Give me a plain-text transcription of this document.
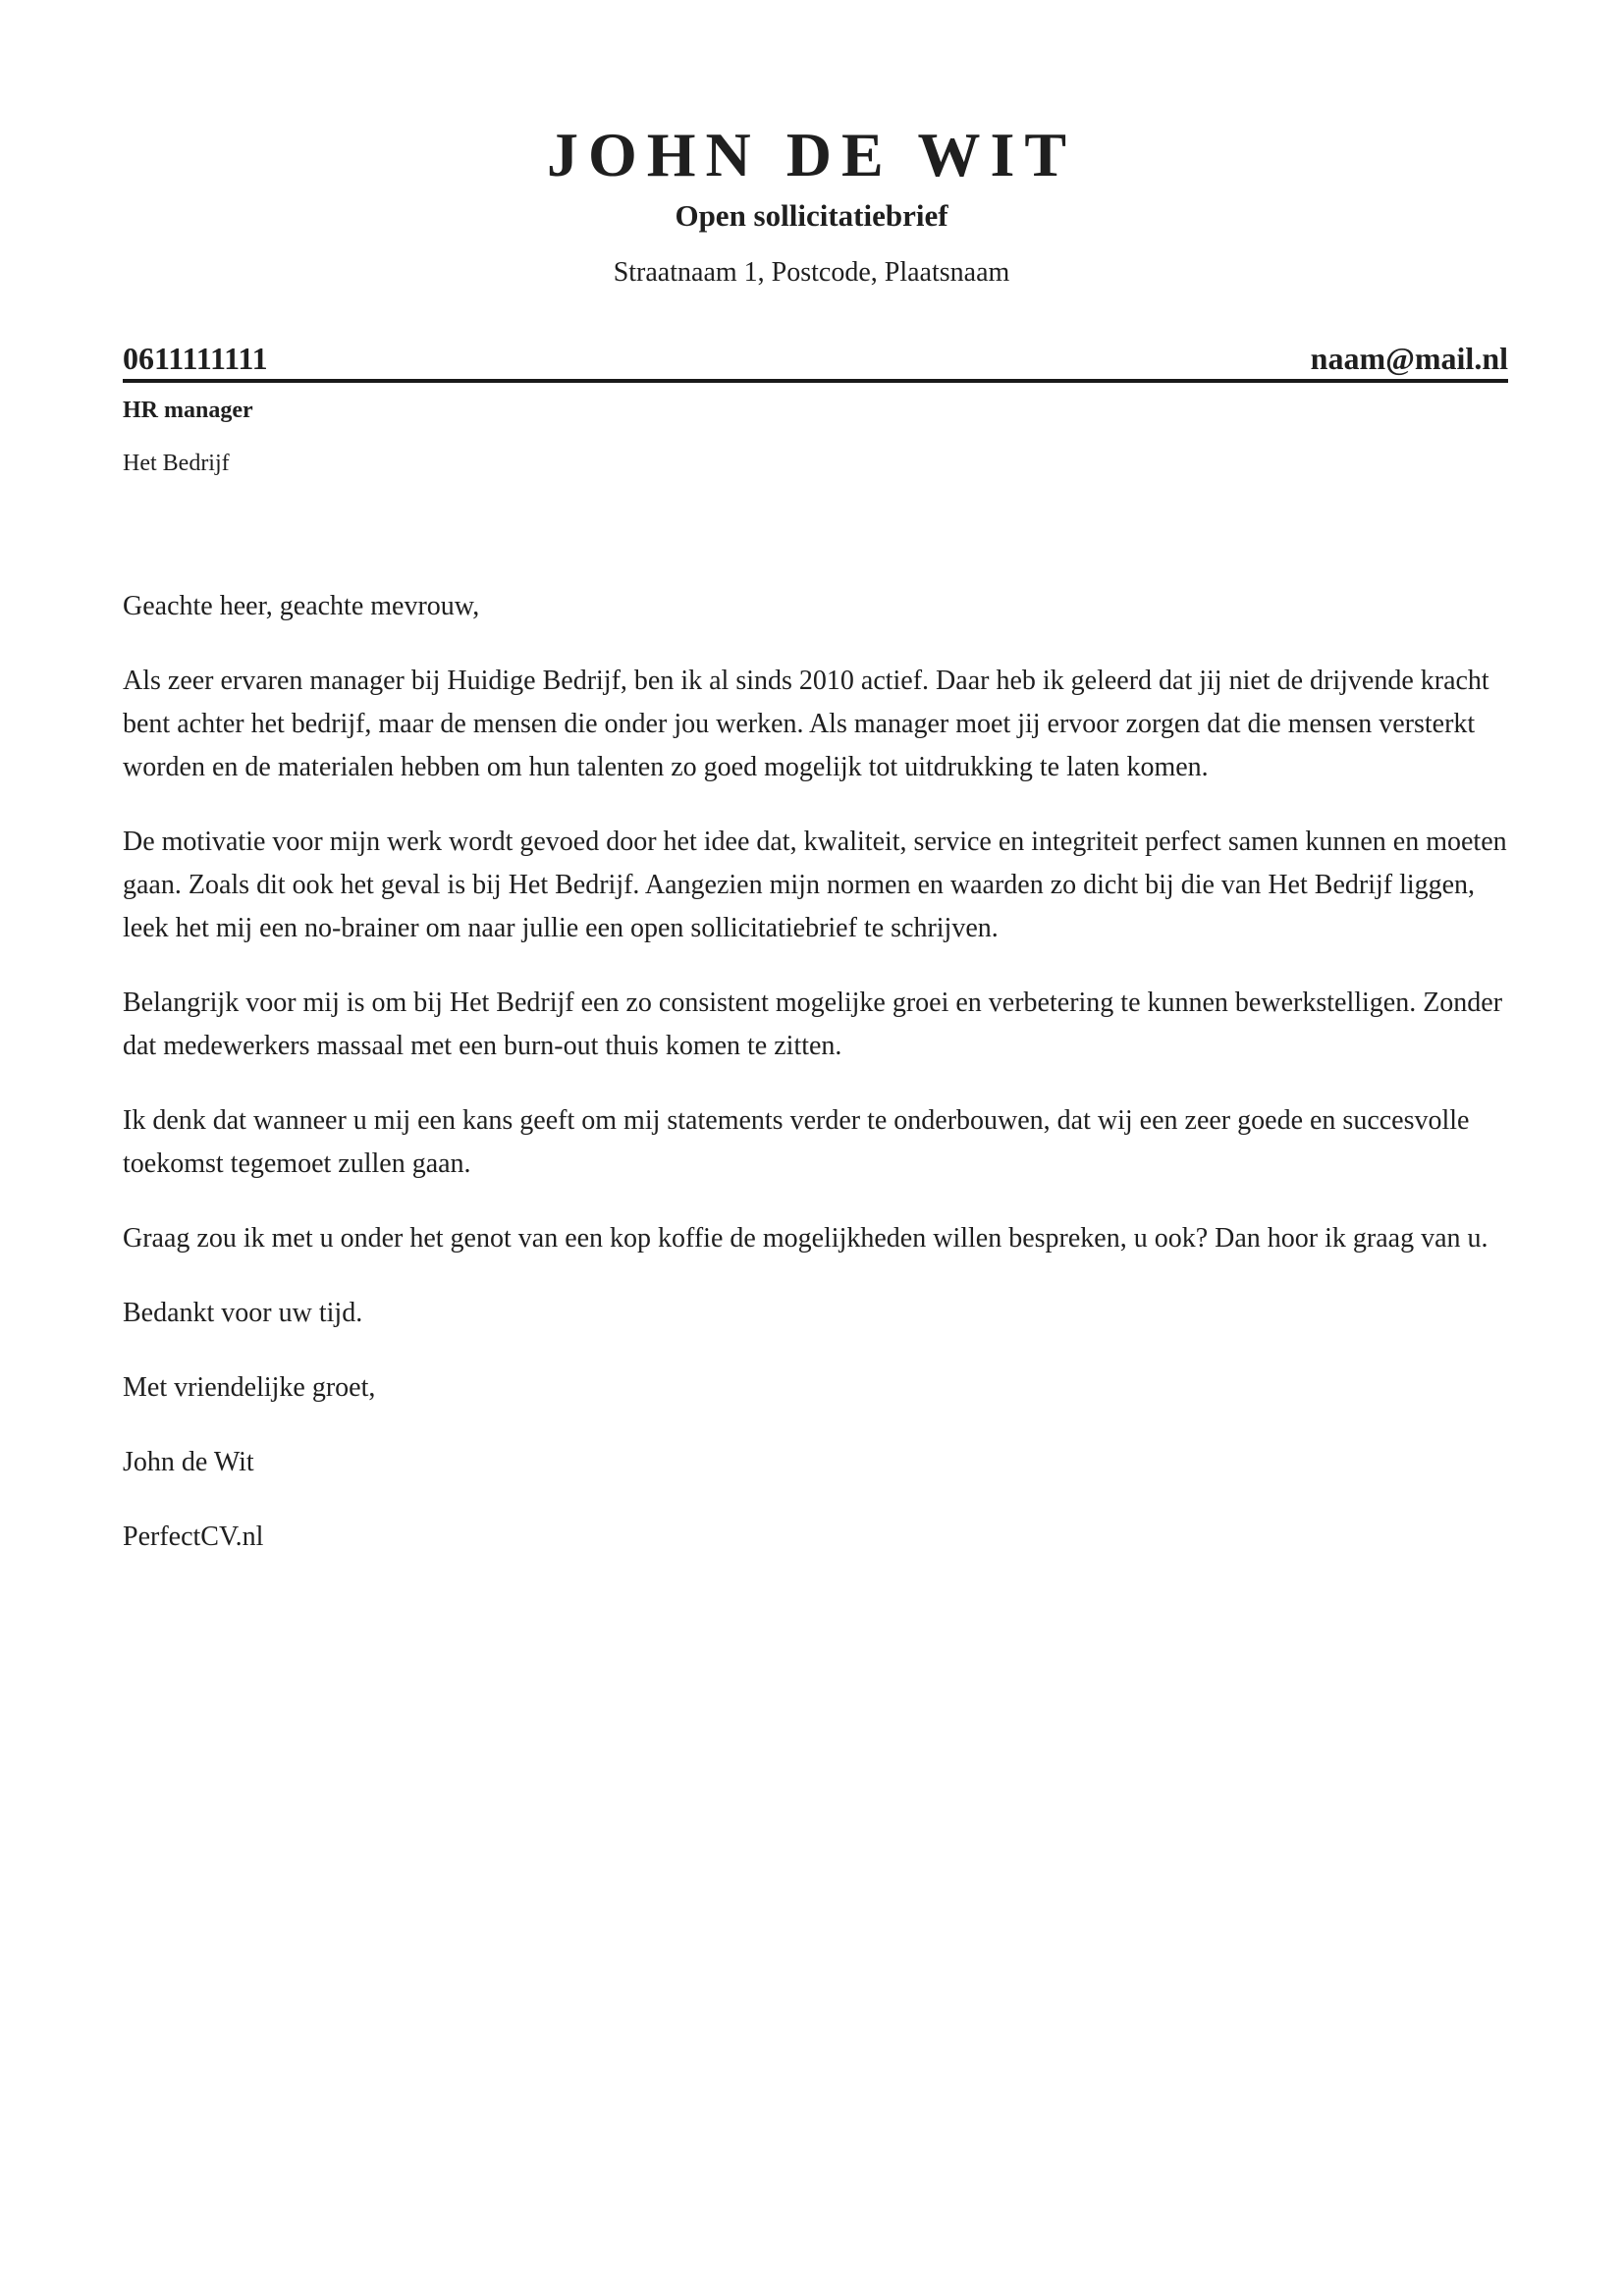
JOHN DE WIT
Open sollicitatiebrief
Straatnaam 1, Postcode, Plaatsnaam
0611111111	naam@mail.nl
HR manager
Het Bedrijf

Geachte heer, geachte mevrouw,

Als zeer ervaren manager bij Huidige Bedrijf, ben ik al sinds 2010 actief. Daar heb ik geleerd dat jij niet de drijvende kracht bent achter het bedrijf, maar de mensen die onder jou werken. Als manager moet jij ervoor zorgen dat die mensen versterkt worden en de materialen hebben om hun talenten zo goed mogelijk tot uitdrukking te laten komen.

De motivatie voor mijn werk wordt gevoed door het idee dat, kwaliteit, service en integriteit perfect samen kunnen en moeten gaan. Zoals dit ook het geval is bij Het Bedrijf. Aangezien mijn normen en waarden zo dicht bij die van Het Bedrijf liggen, leek het mij een no-brainer om naar jullie een open sollicitatiebrief te schrijven.

Belangrijk voor mij is om bij Het Bedrijf een zo consistent mogelijke groei en verbetering te kunnen bewerkstelligen. Zonder dat medewerkers massaal met een burn-out thuis komen te zitten.

Ik denk dat wanneer u mij een kans geeft om mij statements verder te onderbouwen, dat wij een zeer goede en succesvolle toekomst tegemoet zullen gaan.

Graag zou ik met u onder het genot van een kop koffie de mogelijkheden willen bespreken, u ook? Dan hoor ik graag van u.

Bedankt voor uw tijd.

Met vriendelijke groet,

John de Wit

PerfectCV.nl
